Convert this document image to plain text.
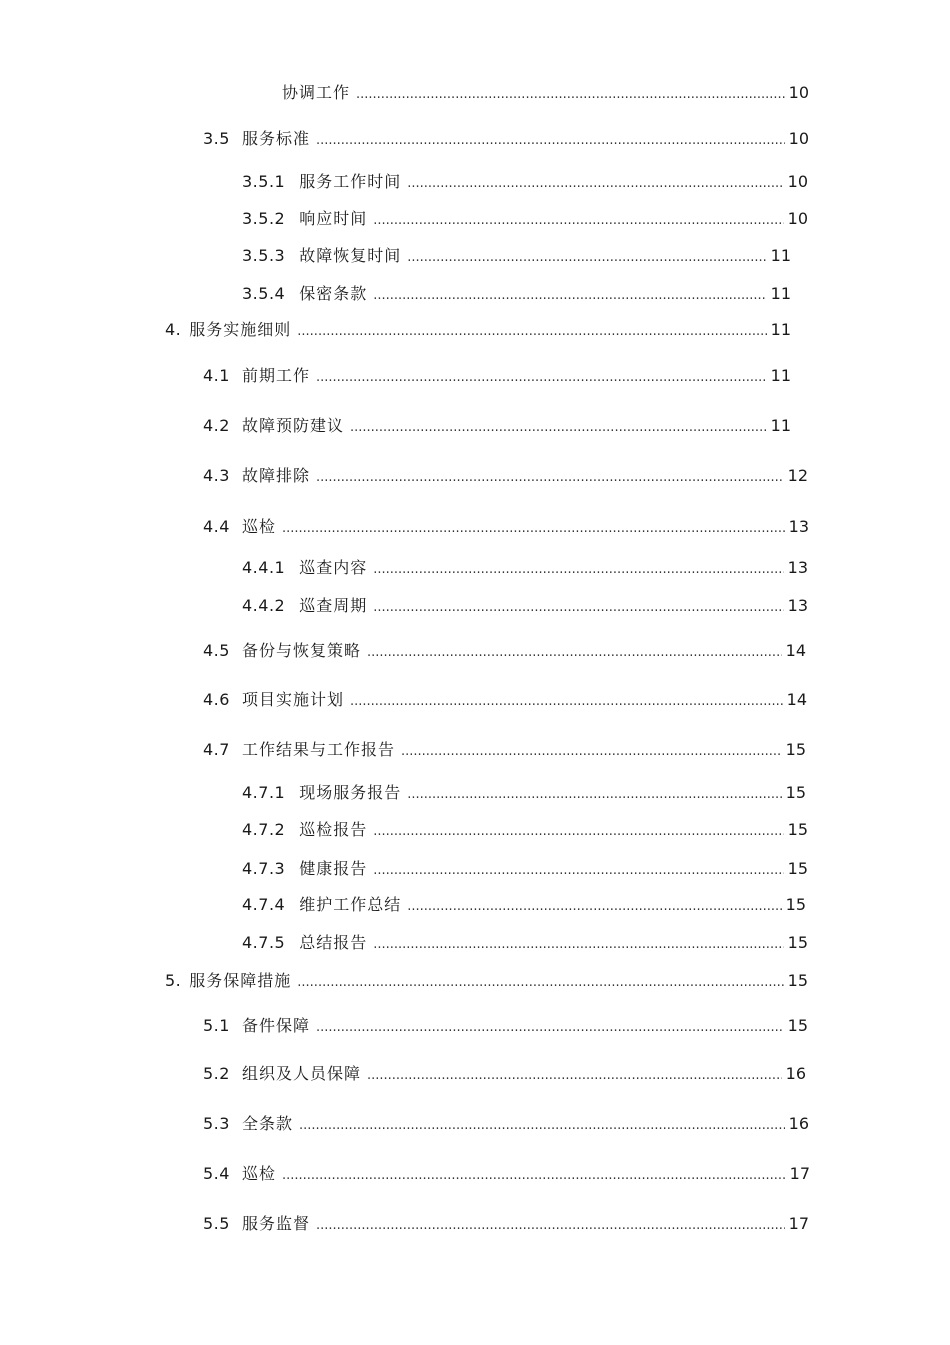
协调工作 .....	10
3.5 服务标准 .....	10
3.5.1 服务工作时间 .....	10
3.5.2 响应时间 .....	10
3.5.3 故障恢复时间 .....	11
3.5.4 保密条款 .....	11
4. 服务实施细则 .....	11
4.1 前期工作 .....	11
4.2 故障预防建议 .....	11
4.3 故障排除 .....	12
4.4 巡检 .....	13
4.4.1 巡查内容 .....	13
4.4.2 巡查周期 .....	13
4.5 备份与恢复策略 .....	14
4.6 项目实施计划 .....	14
4.7 工作结果与工作报告 .....	15
4.7.1 现场服务报告 .....	15
4.7.2 巡检报告 .....	15
4.7.3 健康报告 .....	15
4.7.4 维护工作总结 .....	15
4.7.5 总结报告 .....	15
5. 服务保障措施 .....	15
5.1 备件保障 .....	15
5.2 组织及人员保障 .....	16
5.3 全条款 .....	16
5.4 巡检 .....	17
5.5 服务监督 .....	17
